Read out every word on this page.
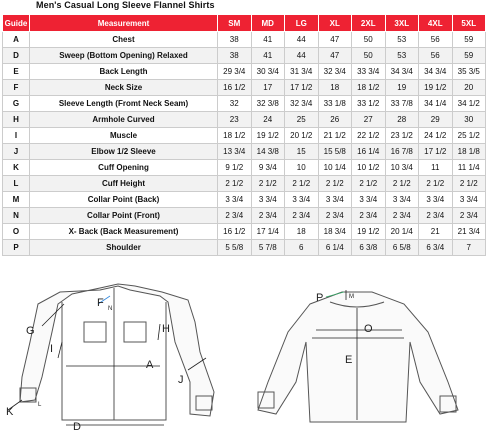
Men's Casual Long Sleeve Flannel Shirts
Guide	Measurement	SM	MD	LG	XL	2XL	3XL	4XL	5XL
A	Chest	38	41	44	47	50	53	56	59
D	Sweep (Bottom Opening) Relaxed	38	41	44	47	50	53	56	59
E	Back Length	29 3/4	30 3/4	31 3/4	32 3/4	33 3/4	34 3/4	34 3/4	35 3/5
F	Neck Size	16 1/2	17	17 1/2	18	18 1/2	19	19 1/2	20
G	Sleeve Length (Fromt Neck Seam)	32	32 3/8	32 3/4	33 1/8	33 1/2	33 7/8	34 1/4	34 1/2
H	Armhole Curved	23	24	25	26	27	28	29	30
I	Muscle	18 1/2	19 1/2	20 1/2	21 1/2	22 1/2	23 1/2	24 1/2	25 1/2
J	Elbow 1/2 Sleeve	13 3/4	14 3/8	15	15 5/8	16 1/4	16 7/8	17 1/2	18 1/8
K	Cuff Opening	9 1/2	9 3/4	10	10 1/4	10 1/2	10 3/4	11	11 1/4
L	Cuff Height	2 1/2	2 1/2	2 1/2	2 1/2	2 1/2	2 1/2	2 1/2	2 1/2
M	Collar Point (Back)	3 3/4	3 3/4	3 3/4	3 3/4	3 3/4	3 3/4	3 3/4	3 3/4
N	Collar Point (Front)	2 3/4	2 3/4	2 3/4	2 3/4	2 3/4	2 3/4	2 3/4	2 3/4
O	X- Back (Back Measurement)	16 1/2	17 1/4	18	18 3/4	19 1/2	20 1/4	21	21 3/4
P	Shoulder	5 5/8	5 7/8	6	6 1/4	6 3/8	6 5/8	6 3/4	7
F
G	H
I
A
J
K
D
N
L
P	M
O
E
